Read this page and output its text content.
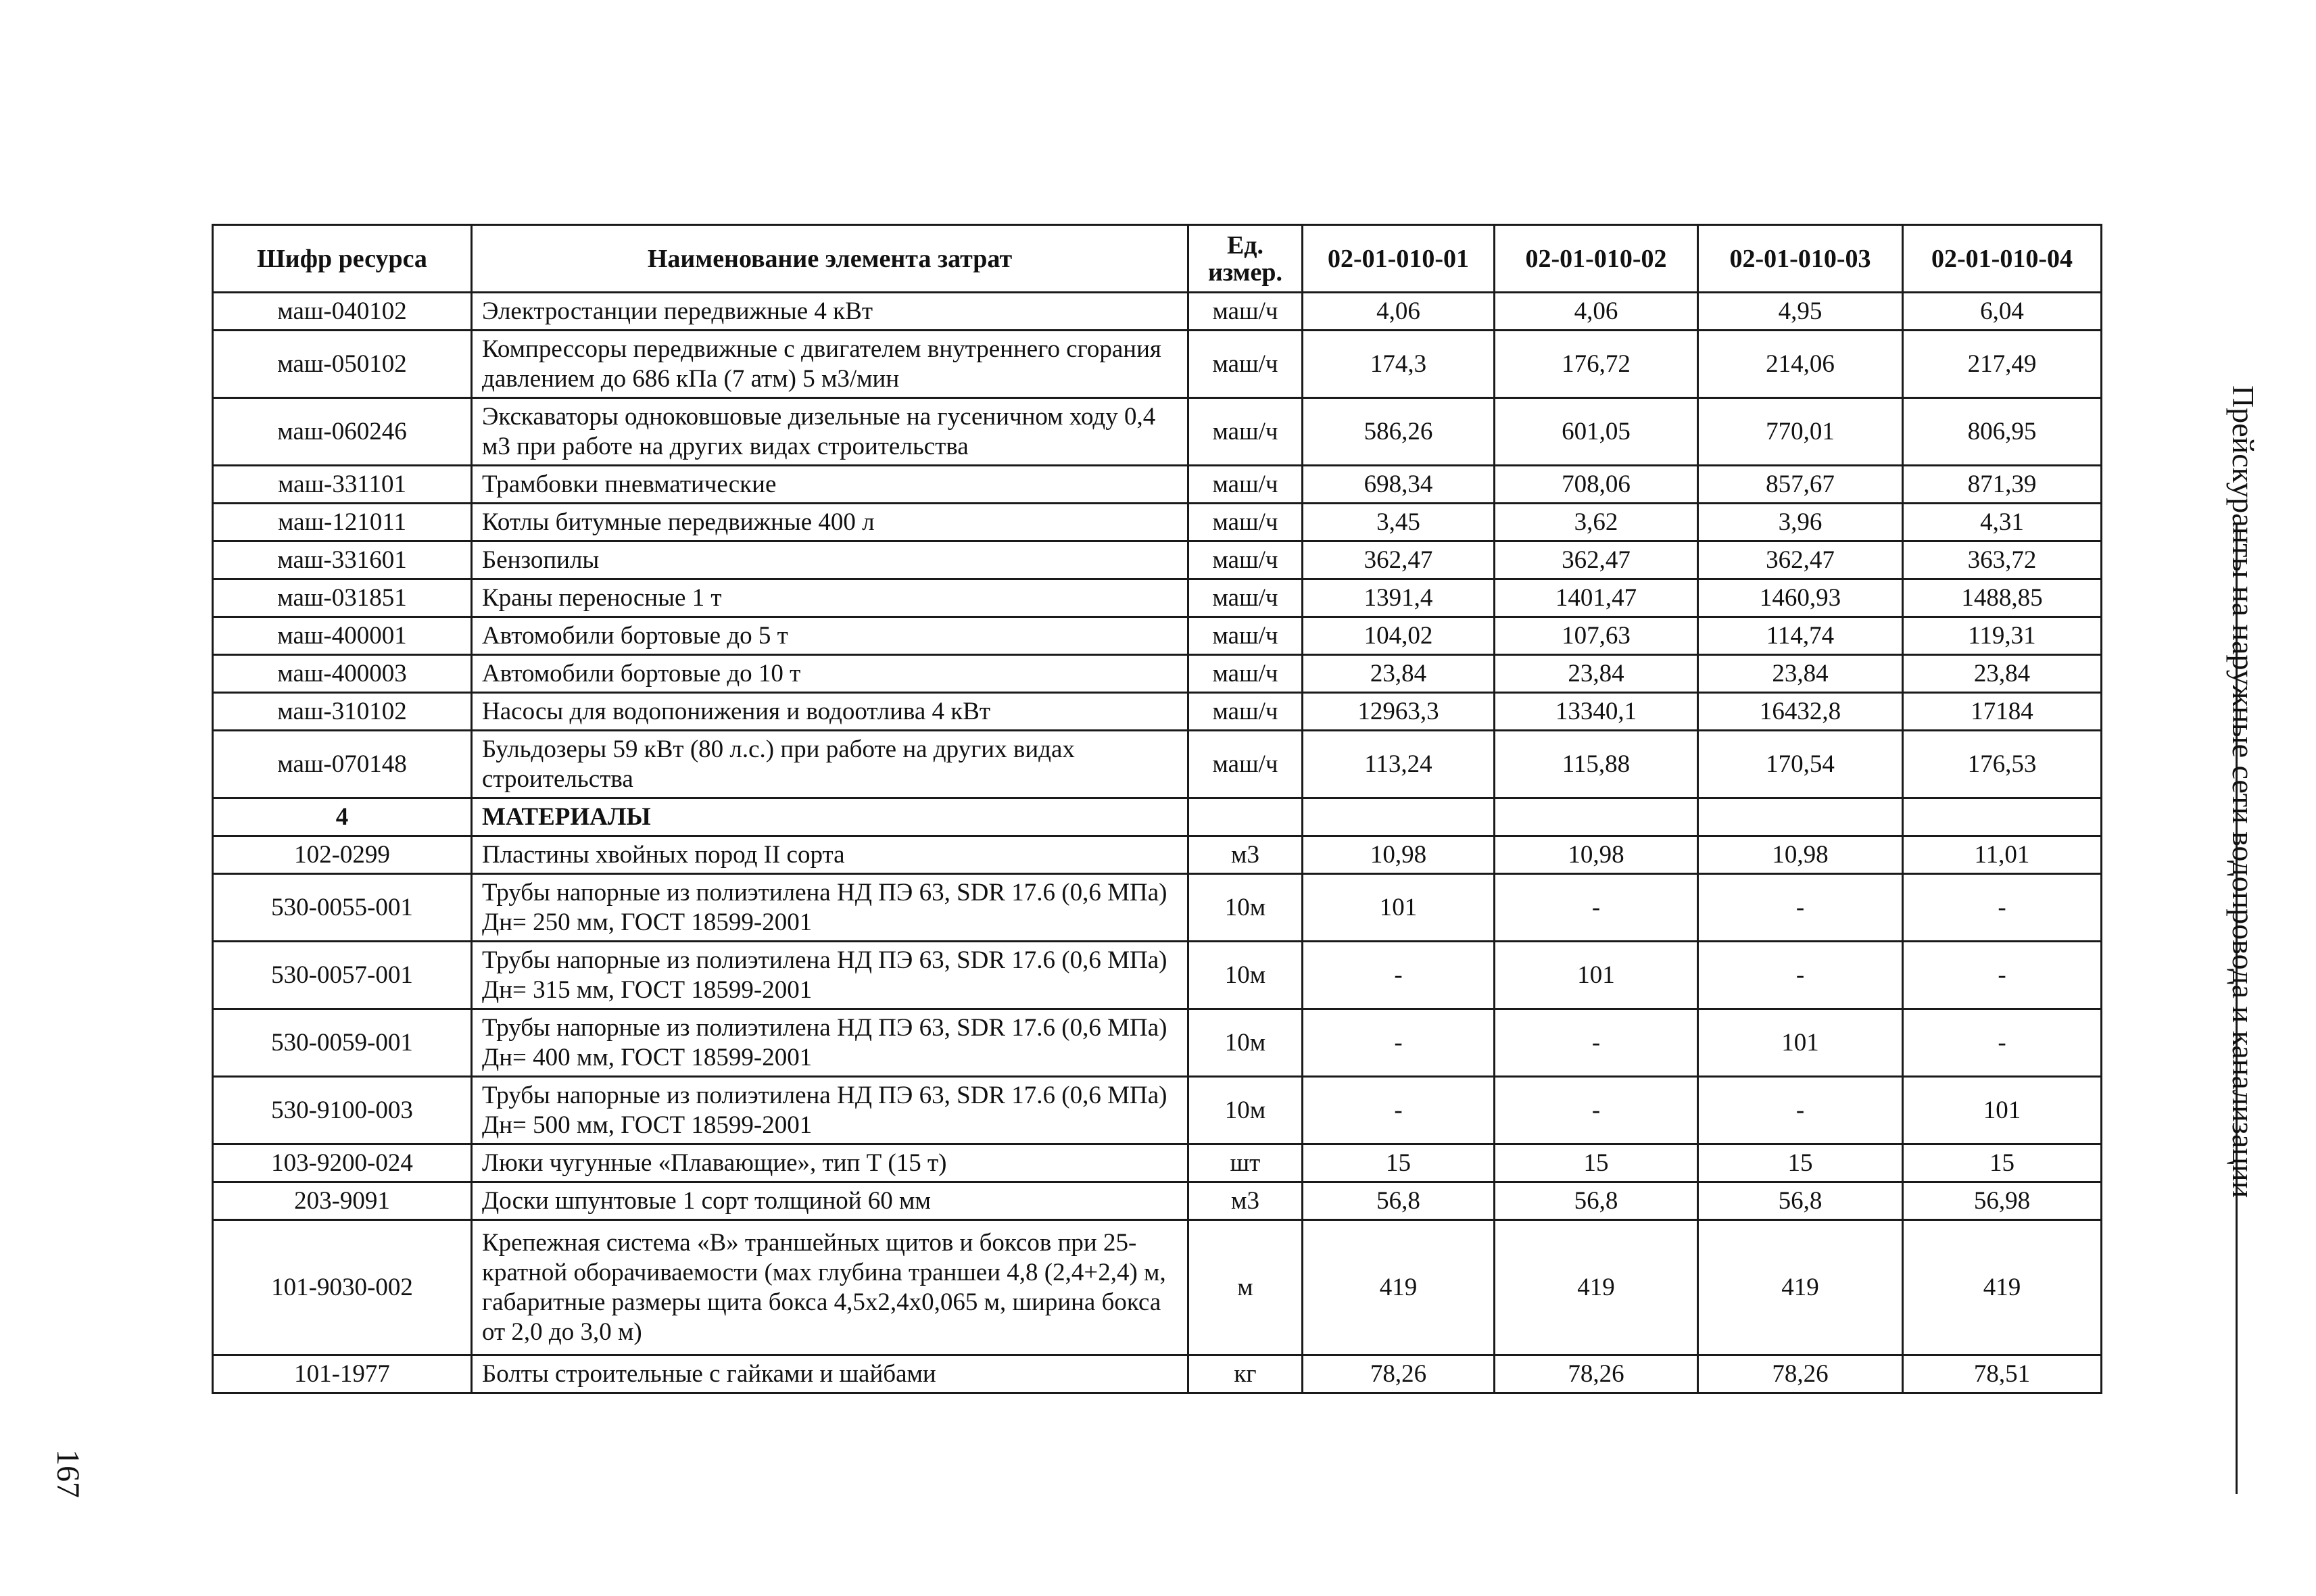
Шифр ресурса	Наименование элемента затрат	Ед. измер.	02-01-010-01	02-01-010-02	02-01-010-03	02-01-010-04
маш-040102	Электростанции передвижные 4 кВт	маш/ч	4,06	4,06	4,95	6,04
маш-050102	Компрессоры передвижные с двигателем внутреннего сгорания давлением до 686 кПа (7 атм) 5 м3/мин	маш/ч	174,3	176,72	214,06	217,49
маш-060246	Экскаваторы одноковшовые дизельные на гусеничном ходу 0,4 м3 при работе на других видах строительства	маш/ч	586,26	601,05	770,01	806,95
маш-331101	Трамбовки пневматические	маш/ч	698,34	708,06	857,67	871,39
маш-121011	Котлы битумные передвижные 400 л	маш/ч	3,45	3,62	3,96	4,31
маш-331601	Бензопилы	маш/ч	362,47	362,47	362,47	363,72
маш-031851	Краны переносные 1 т	маш/ч	1391,4	1401,47	1460,93	1488,85
маш-400001	Автомобили бортовые до 5 т	маш/ч	104,02	107,63	114,74	119,31
маш-400003	Автомобили бортовые до 10 т	маш/ч	23,84	23,84	23,84	23,84
маш-310102	Насосы для водопонижения и водоотлива 4 кВт	маш/ч	12963,3	13340,1	16432,8	17184
маш-070148	Бульдозеры 59 кВт (80 л.с.) при работе на других видах строительства	маш/ч	113,24	115,88	170,54	176,53
4	МАТЕРИАЛЫ					
102-0299	Пластины хвойных пород II сорта	м3	10,98	10,98	10,98	11,01
530-0055-001	Трубы напорные из полиэтилена НД ПЭ 63, SDR 17.6 (0,6 МПа) Дн= 250 мм, ГОСТ 18599-2001	10м	101	-	-	-
530-0057-001	Трубы напорные из полиэтилена НД ПЭ 63, SDR 17.6 (0,6 МПа) Дн= 315 мм, ГОСТ 18599-2001	10м	-	101	-	-
530-0059-001	Трубы напорные из полиэтилена НД ПЭ 63, SDR 17.6 (0,6 МПа) Дн= 400 мм, ГОСТ 18599-2001	10м	-	-	101	-
530-9100-003	Трубы напорные из полиэтилена НД ПЭ 63, SDR 17.6 (0,6 МПа) Дн= 500 мм, ГОСТ 18599-2001	10м	-	-	-	101
103-9200-024	Люки чугунные «Плавающие», тип Т (15 т)	шт	15	15	15	15
203-9091	Доски шпунтовые 1 сорт толщиной 60 мм	м3	56,8	56,8	56,8	56,98
101-9030-002	Крепежная система «В» траншейных щитов и боксов при 25-кратной оборачиваемости (мах глубина траншеи 4,8 (2,4+2,4) м, габаритные размеры щита бокса 4,5x2,4x0,065 м, ширина бокса от 2,0 до 3,0 м)	м	419	419	419	419
101-1977	Болты строительные с гайками и шайбами	кг	78,26	78,26	78,26	78,51
Прейскуранты на наружные сети водопровода и канализации
167
